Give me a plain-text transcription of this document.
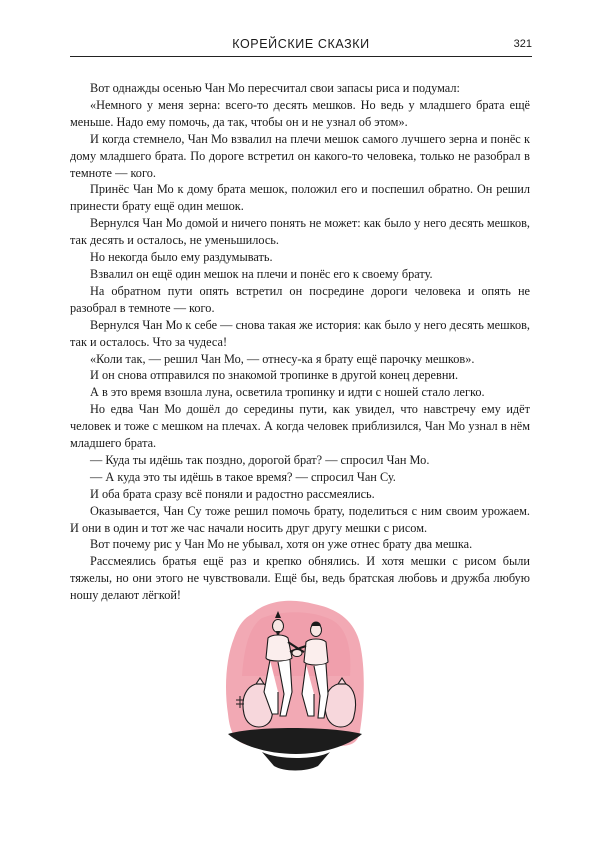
КОРЕЙСКИЕ СКАЗКИ	321

Вот однажды осенью Чан Мо пересчитал свои запасы риса и подумал:

«Немного у меня зерна: всего-то десять мешков. Но ведь у младшего брата ещё меньше. Надо ему помочь, да так, чтобы он и не узнал об этом».

И когда стемнело, Чан Мо взвалил на плечи мешок самого лучшего зерна и понёс к дому младшего брата. По дороге встретил он какого-то человека, только не разобрал в темноте — кого.

Принёс Чан Мо к дому брата мешок, положил его и поспешил обратно. Он решил принести брату ещё один мешок.

Вернулся Чан Мо домой и ничего понять не может: как было у него десять мешков, так десять и осталось, не уменьшилось.

Но некогда было ему раздумывать.

Взвалил он ещё один мешок на плечи и понёс его к своему брату.

На обратном пути опять встретил он посредине дороги человека и опять не разобрал в темноте — кого.

Вернулся Чан Мо к себе — снова такая же история: как было у него десять мешков, так и осталось. Что за чудеса!

«Коли так, — решил Чан Мо, — отнесу-ка я брату ещё парочку мешков».

И он снова отправился по знакомой тропинке в другой конец деревни.

А в это время взошла луна, осветила тропинку и идти с ношей стало легко.

Но едва Чан Мо дошёл до середины пути, как увидел, что навстречу ему идёт человек и тоже с мешком на плечах. А когда человек приблизился, Чан Мо узнал в нём младшего брата.

— Куда ты идёшь так поздно, дорогой брат? — спросил Чан Мо.

— А куда это ты идёшь в такое время? — спросил Чан Су.

И оба брата сразу всё поняли и радостно рассмеялись.

Оказывается, Чан Су тоже решил помочь брату, поделиться с ним своим урожаем. И они в один и тот же час начали носить друг другу мешки с рисом.

Вот почему рис у Чан Мо не убывал, хотя он уже отнес брату два мешка.

Рассмеялись братья ещё раз и крепко обнялись. И хотя мешки с рисом были тяжелы, но они этого не чувствовали. Ещё бы, ведь братская любовь и дружба любую ношу делают лёгкой!
